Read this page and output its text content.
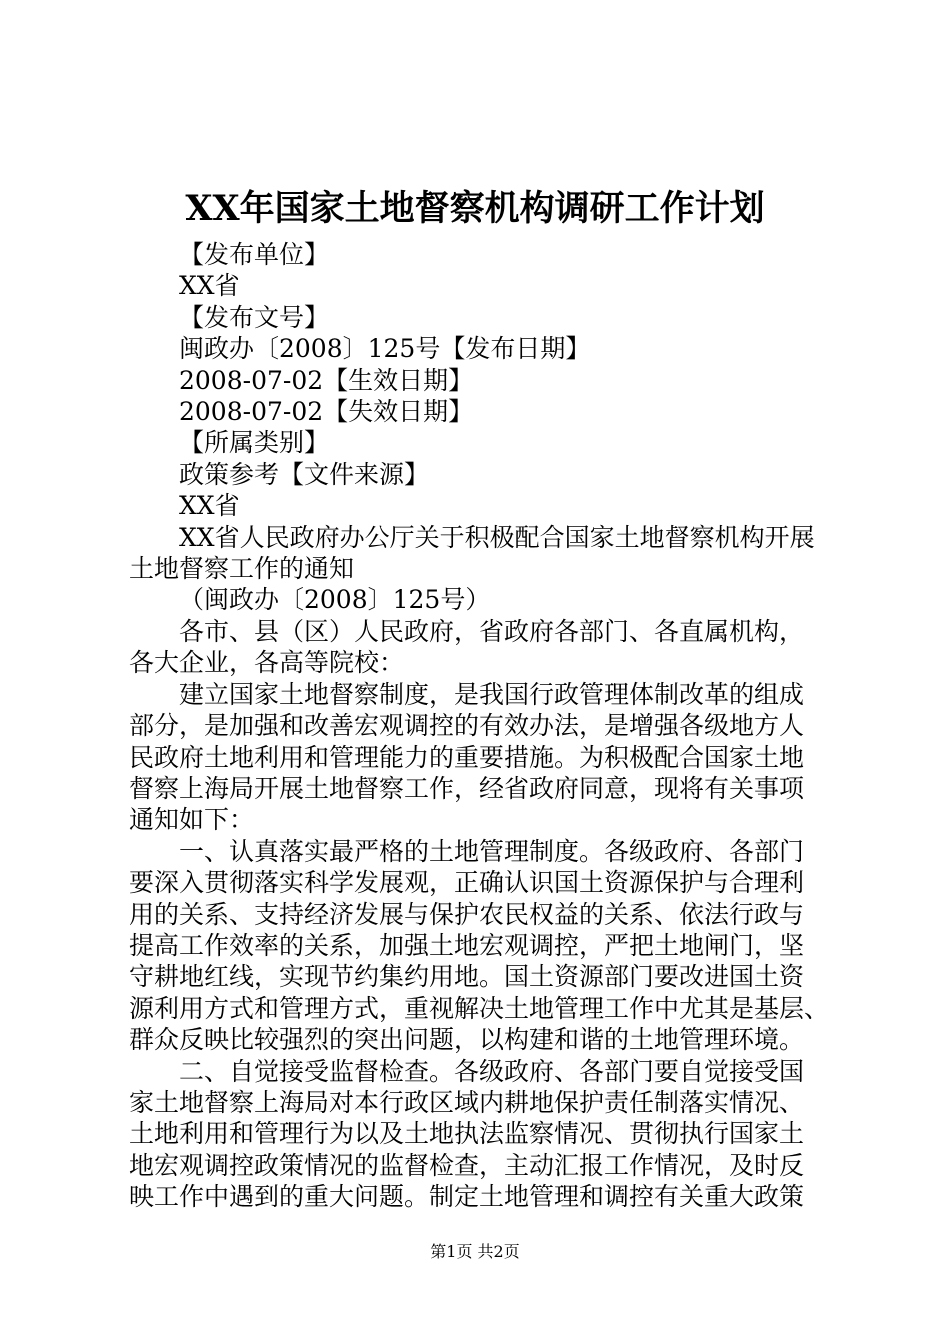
XX年国家土地督察机构调研工作计划
【发布单位】
XX省
【发布文号】
闽政办〔2008〕125号【发布日期】
2008-07-02【生效日期】
2008-07-02【失效日期】
【所属类别】
政策参考【文件来源】
XX省
XX省人民政府办公厅关于积极配合国家土地督察机构开展
土地督察工作的通知
（闽政办〔2008〕125号）
各市、县（区）人民政府，省政府各部门、各直属机构，
各大企业，各高等院校：
建立国家土地督察制度，是我国行政管理体制改革的组成
部分，是加强和改善宏观调控的有效办法，是增强各级地方人
民政府土地利用和管理能力的重要措施。为积极配合国家土地
督察上海局开展土地督察工作，经省政府同意，现将有关事项
通知如下：
一、认真落实最严格的土地管理制度。各级政府、各部门
要深入贯彻落实科学发展观，正确认识国土资源保护与合理利
用的关系、支持经济发展与保护农民权益的关系、依法行政与
提高工作效率的关系，加强土地宏观调控，严把土地闸门，坚
守耕地红线，实现节约集约用地。国土资源部门要改进国土资
源利用方式和管理方式，重视解决土地管理工作中尤其是基层、
群众反映比较强烈的突出问题，以构建和谐的土地管理环境。
二、自觉接受监督检查。各级政府、各部门要自觉接受国
家土地督察上海局对本行政区域内耕地保护责任制落实情况、
土地利用和管理行为以及土地执法监察情况、贯彻执行国家土
地宏观调控政策情况的监督检查，主动汇报工作情况，及时反
映工作中遇到的重大问题。制定土地管理和调控有关重大政策
第1页 共2页
